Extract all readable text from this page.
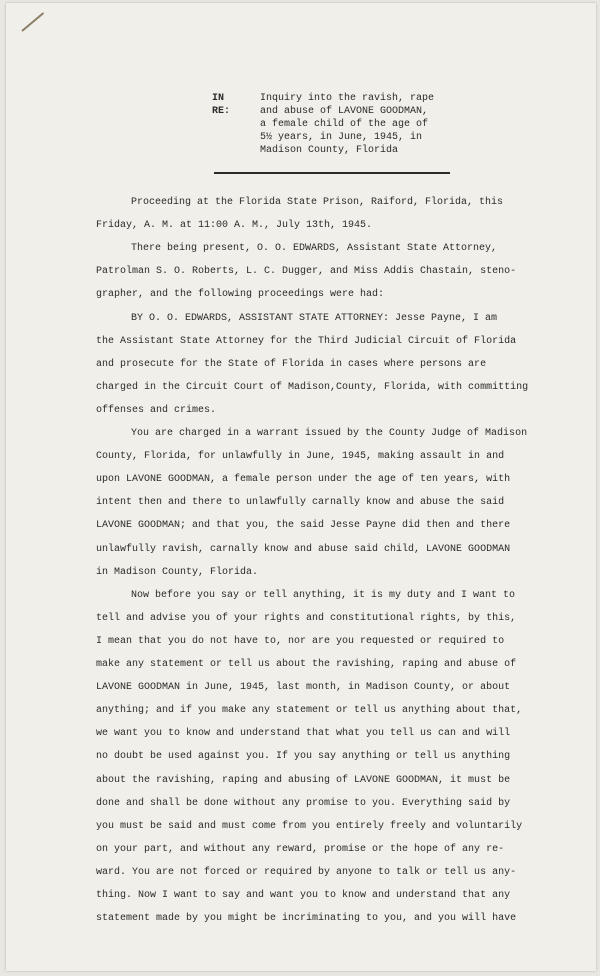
IN RE:
Inquiry into the ravish, rape
and abuse of LAVONE GOODMAN,
a female child of the age of
5½ years, in June, 1945, in
Madison County, Florida
Proceeding at the Florida State Prison, Raiford, Florida, this
Friday, A. M. at 11:00 A. M., July 13th, 1945.
There being present, O. O. EDWARDS, Assistant State Attorney,
Patrolman S. O. Roberts, L. C. Dugger, and Miss Addis Chastain, steno-
grapher, and the following proceedings were had:
BY O. O. EDWARDS, ASSISTANT STATE ATTORNEY: Jesse Payne, I am
the Assistant State Attorney for the Third Judicial Circuit of Florida
and prosecute for the State of Florida in cases where persons are
charged in the Circuit Court of Madison,County, Florida, with committing
offenses and crimes.
You are charged in a warrant issued by the County Judge of Madison
County, Florida, for unlawfully in June, 1945, making assault in and
upon LAVONE GOODMAN, a female person under the age of ten years, with
intent then and there to unlawfully carnally know and abuse the said
LAVONE GOODMAN; and that you, the said Jesse Payne did then and there
unlawfully ravish, carnally know and abuse said child, LAVONE GOODMAN
in Madison County, Florida.
Now before you say or tell anything, it is my duty and I want to
tell and advise you of your rights and constitutional rights, by this,
I mean that you do not have to, nor are you requested or required to
make any statement or tell us about the ravishing, raping and abuse of
LAVONE GOODMAN in June, 1945, last month, in Madison County, or about
anything; and if you make any statement or tell us anything about that,
we want you to know and understand that what you tell us can and will
no doubt be used against you. If you say anything or tell us anything
about the ravishing, raping and abusing of LAVONE GOODMAN, it must be
done and shall be done without any promise to you. Everything said by
you must be said and must come from you entirely freely and voluntarily
on your part, and without any reward, promise or the hope of any re-
ward. You are not forced or required by anyone to talk or tell us any-
thing. Now I want to say and want you to know and understand that any
statement made by you might be incriminating to you, and you will have
